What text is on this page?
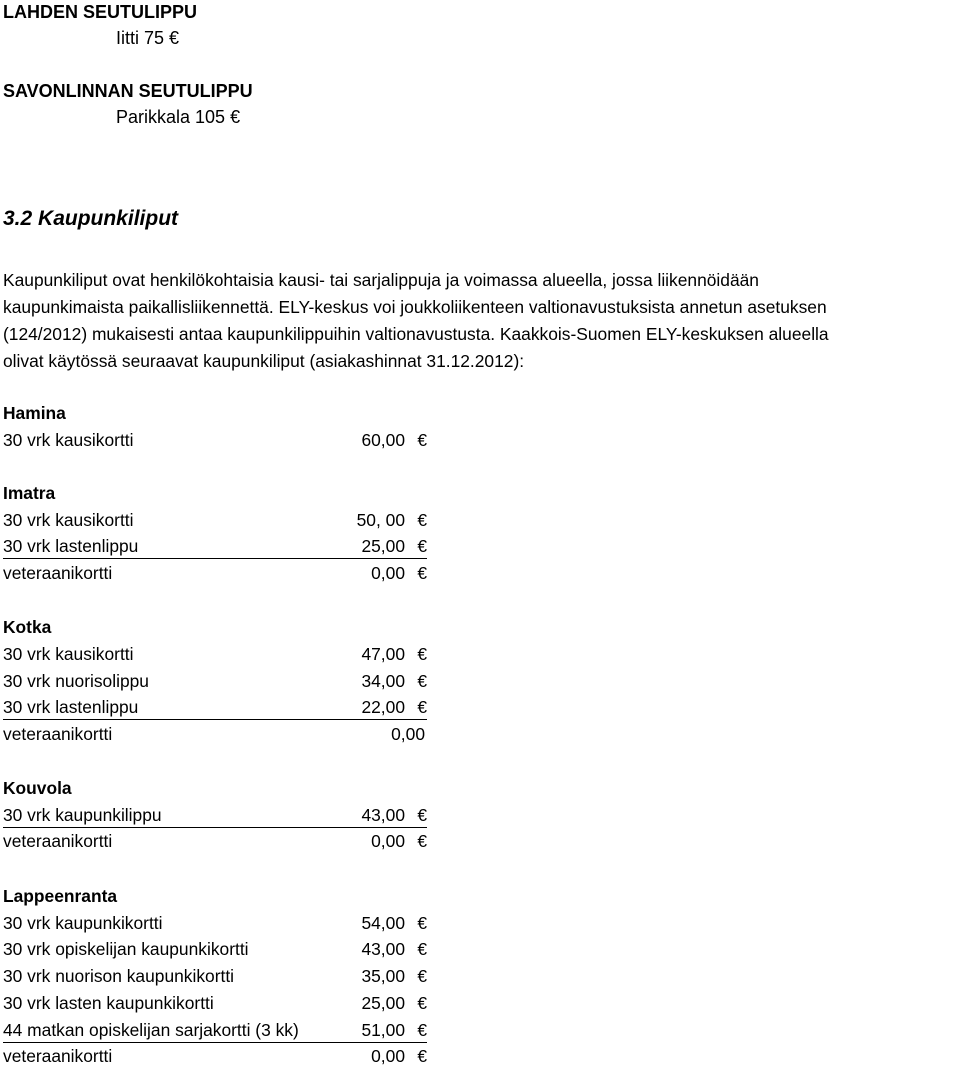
LAHDEN SEUTULIPPU
Iitti 75 €
SAVONLINNAN SEUTULIPPU
Parikkala 105 €
3.2 Kaupunkiliput
Kaupunkiliput ovat henkilökohtaisia kausi- tai sarjalippuja ja voimassa alueella, jossa liikennöidään
kaupunkimaista paikallisliikennettä. ELY-keskus voi joukkoliikenteen valtionavustuksista annetun asetuksen
(124/2012) mukaisesti antaa kaupunkilippuihin valtionavustusta. Kaakkois-Suomen ELY-keskuksen alueella
olivat käytössä seuraavat kaupunkiliput (asiakashinnat 31.12.2012):
Hamina
30 vrk kausikortti	60,00 €
Imatra
30 vrk kausikortti	50, 00 €
30 vrk lastenlippu	25,00 €
veteraanikortti	0,00 €
Kotka
30 vrk kausikortti	47,00 €
30 vrk nuorisolippu	34,00 €
30 vrk lastenlippu	22,00 €
veteraanikortti	0,00
Kouvola
30 vrk kaupunkilippu	43,00 €
veteraanikortti	0,00 €
Lappeenranta
30 vrk kaupunkikortti	54,00 €
30 vrk opiskelijan kaupunkikortti	43,00 €
30 vrk nuorison kaupunkikortti	35,00 €
30 vrk lasten kaupunkikortti	25,00 €
44 matkan opiskelijan sarjakortti (3 kk)	51,00 €
veteraanikortti	0,00 €
